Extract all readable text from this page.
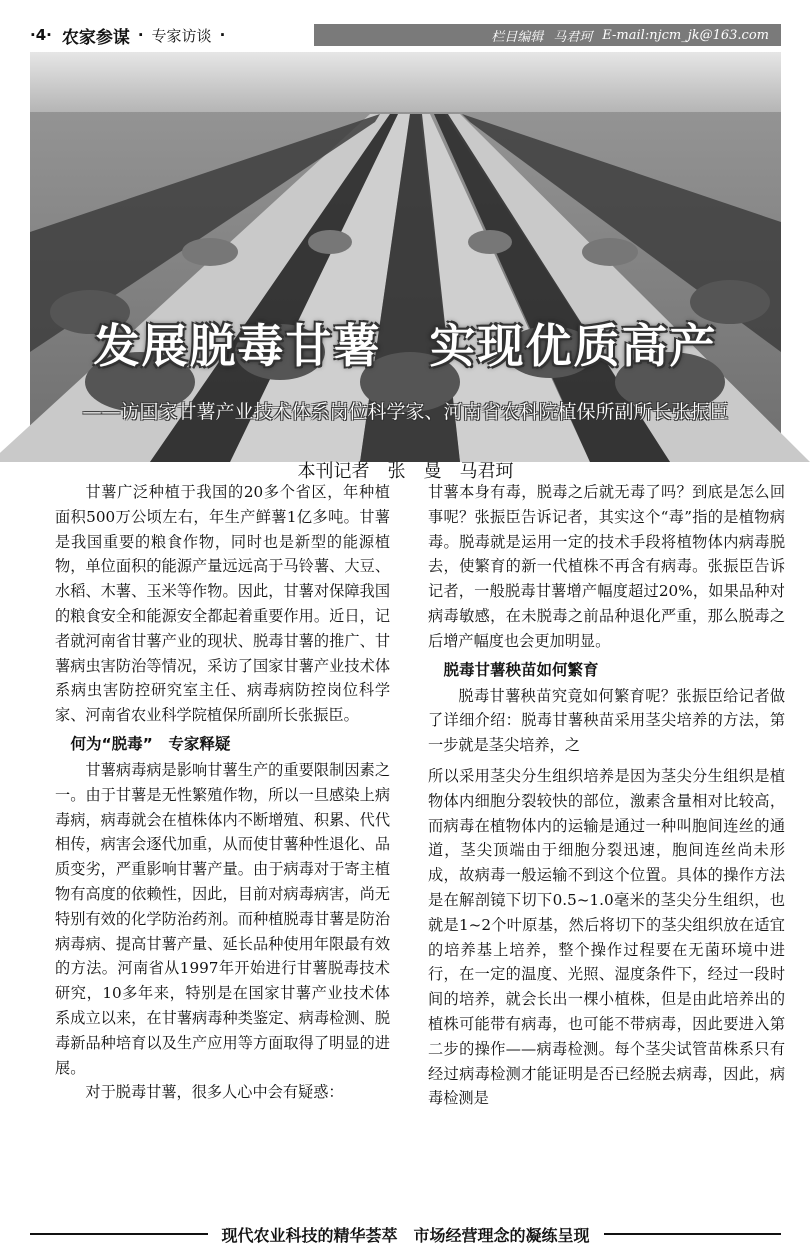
·4· 农家参谋 · 专家访谈 ·	栏目编辑 马君珂 E-mail:njcm_jk@163.com
发展脱毒甘薯　实现优质高产
——访国家甘薯产业技术体系岗位科学家、河南省农科院植保所副所长张振臣
本刊记者　张　曼　马君珂

甘薯广泛种植于我国的20多个省区，年种植面积500万公顷左右，年生产鲜薯1亿多吨。甘薯是我国重要的粮食作物，同时也是新型的能源植物，单位面积的能源产量远远高于马铃薯、大豆、水稻、木薯、玉米等作物。因此，甘薯对保障我国的粮食安全和能源安全都起着重要作用。近日，记者就河南省甘薯产业的现状、脱毒甘薯的推广、甘薯病虫害防治等情况，采访了国家甘薯产业技术体系病虫害防控研究室主任、病毒病防控岗位科学家、河南省农业科学院植保所副所长张振臣。

何为“脱毒”　专家释疑

甘薯病毒病是影响甘薯生产的重要限制因素之一。由于甘薯是无性繁殖作物，所以一旦感染上病毒病，病毒就会在植株体内不断增殖、积累、代代相传，病害会逐代加重，从而使甘薯种性退化、品质变劣，严重影响甘薯产量。由于病毒对于寄主植物有高度的依赖性，因此，目前对病毒病害，尚无特别有效的化学防治药剂。而种植脱毒甘薯是防治病毒病、提高甘薯产量、延长品种使用年限最有效的方法。河南省从1997年开始进行甘薯脱毒技术研究，10多年来，特别是在国家甘薯产业技术体系成立以来，在甘薯病毒种类鉴定、病毒检测、脱毒新品种培育以及生产应用等方面取得了明显的进展。

对于脱毒甘薯，很多人心中会有疑惑：

甘薯本身有毒，脱毒之后就无毒了吗？到底是怎么回事呢？张振臣告诉记者，其实这个“毒”指的是植物病毒。脱毒就是运用一定的技术手段将植物体内病毒脱去，使繁育的新一代植株不再含有病毒。张振臣告诉记者，一般脱毒甘薯增产幅度超过20%，如果品种对病毒敏感，在未脱毒之前品种退化严重，那么脱毒之后增产幅度也会更加明显。

脱毒甘薯秧苗如何繁育

脱毒甘薯秧苗究竟如何繁育呢？张振臣给记者做了详细介绍：脱毒甘薯秧苗采用茎尖培养的方法，第一步就是茎尖培养，之

所以采用茎尖分生组织培养是因为茎尖分生组织是植物体内细胞分裂较快的部位，激素含量相对比较高，而病毒在植物体内的运输是通过一种叫胞间连丝的通道，茎尖顶端由于细胞分裂迅速，胞间连丝尚未形成，故病毒一般运输不到这个位置。具体的操作方法是在解剖镜下切下0.5~1.0毫米的茎尖分生组织，也就是1~2个叶原基，然后将切下的茎尖组织放在适宜的培养基上培养，整个操作过程要在无菌环境中进行，在一定的温度、光照、湿度条件下，经过一段时间的培养，就会长出一棵小植株，但是由此培养出的植株可能带有病毒，也可能不带病毒，因此要进入第二步的操作——病毒检测。每个茎尖试管苗株系只有经过病毒检测才能证明是否已经脱去病毒，因此，病毒检测是

现代农业科技的精华荟萃　市场经营理念的凝练呈现
